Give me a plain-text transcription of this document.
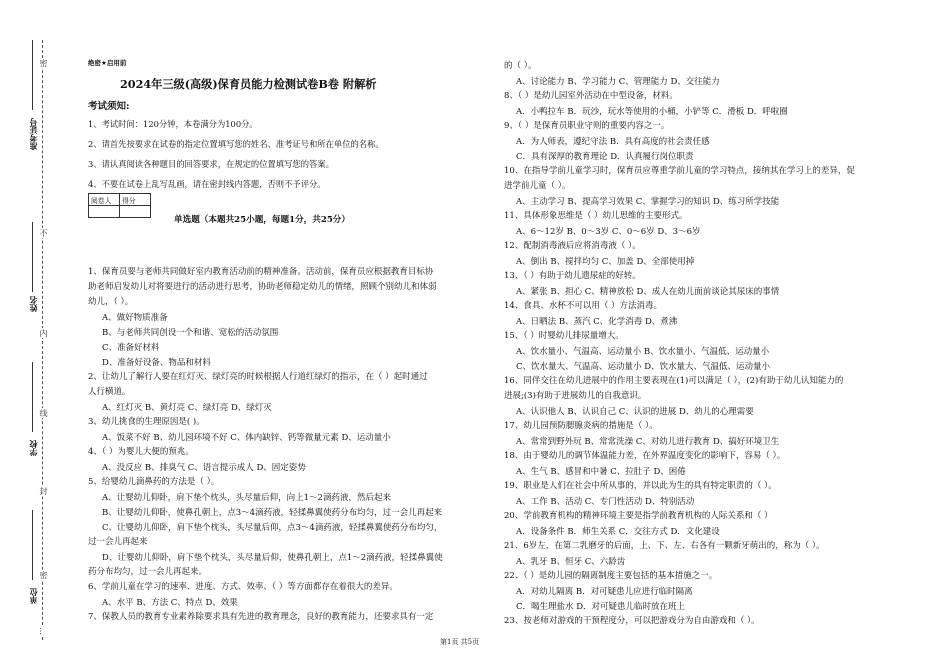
准考证号
姓名
学校
单位
密
不
内
线
封
密
…
绝密★启用前
2024年三级(高级)保育员能力检测试卷B卷 附解析
考试须知:
1、考试时间：120分钟，本卷满分为100分。
2、请首先按要求在试卷的指定位置填写您的姓名、准考证号和所在单位的名称。
3、请认真阅读各种题目的回答要求，在规定的位置填写您的答案。
4、不要在试卷上乱写乱画，请在密封线内答题，否则不予评分。
阅卷人	得分

单选题（本题共25小题，每题1分，共25分）
1、保育员要与老师共同做好室内教育活动前的精神准备。活动前，保育员应根据教育目标协
助老师启发幼儿对将要进行的活动进行思考，协助老师稳定幼儿的情绪，照顾个别幼儿和体弱
幼儿，（ ）。
A、做好物质准备
B、与老师共同创设一个和谐、宽松的活动氛围
C、准备好材料
D、准备好设备、物品和材料
2、让幼儿了解行人要在红灯灭、绿灯亮的时候根据人行道红绿灯的指示，在（ ）起时通过
人行横道。
A、红灯灭 B、黄灯亮 C、绿灯亮 D、绿灯灭
3、幼儿挑食的生理原因是( )。
A、饭菜不好 B、幼儿园环境不好 C、体内缺锌、钙等微量元素 D、运动量小
4、（ ）为婴儿大便的预兆。
A、没反应 B、排臭气 C、语言提示成人 D、固定姿势
5、给婴幼儿滴鼻药的方法是（ ）。
A、让婴幼儿仰卧，肩下垫个枕头，头尽量后仰，向上1～2滴药液，然后起来
B、让婴幼儿仰卧，使鼻孔朝上，点3～4滴药液，轻揉鼻翼使药分布均匀，过一会儿再起来
C、让婴幼儿仰卧，肩下垫个枕头，头尽量后仰，点3～4滴药液，轻揉鼻翼使药分布均匀，
过一会儿再起来
D、让婴幼儿仰卧，肩下垫个枕头，头尽量后仰，使鼻孔朝上，点1～2滴药液，轻揉鼻翼使
药分布均匀，过一会儿再起来。
6、学前儿童在学习的速率、进度、方式、效率、（ ）等方面都存在着很大的差异。
A、水平 B、方法 C、特点 D、效果
7、保教人员的教育专业素养除要求具有先进的教育理念，良好的教育能力，还要求具有一定
的（ ）。
A、讨论能力 B、学习能力 C、管理能力 D、交往能力
8、（ ）是幼儿园室外活动在中型设备，材料。
A．小鸭拉车 B．玩沙，玩水等使用的小桶，小铲等 C．滑板 D．呼啦圈
9、（ ）是保育员职业守则的重要内容之一。
A．为人师表，遵纪守法 B．具有高度的社会责任感
C．具有深厚的教育理论 D．认真履行岗位职责
10、在指导学前儿童学习时，保育员应尊重学前儿童的学习特点，接纳其在学习上的差异，促
进学前儿童（ ）。
A、主动学习 B、提高学习效果 C、掌握学习的知识 D、练习所学技能
11、具体形象思维是（ ）幼儿思维的主要形式。
A、6～12岁 B、0～3岁 C、0～6岁 D、3～6岁
12、配制消毒液后应将消毒液（ ）。
A、倒出 B、搅拌均匀 C、加盖 D、全部使用掉
13、（ ）有助于幼儿遗尿症的好转。
A、紧张 B、担心 C、精神放松 D、成人在幼儿面前谈论其尿床的事情
14、食具、水杯不可以用（ ）方法消毒。
A、日晒法 B、蒸汽 C、化学消毒 D、煮沸
15、（ ）时婴幼儿排尿量增大。
A、饮水量小、气温高、运动量小 B、饮水量小、气温低、运动量小
C、饮水量大、气温高、运动量小 D、饮水量大、气温低、运动量小
16、同伴交往在幼儿进展中的作用主要表现在(1)可以满足（ ），(2)有助于幼儿认知能力的
进展;(3)有助于进展幼儿的自我意识。
A、认识他人 B、认识自己 C、认识的进展 D、幼儿的心理需要
17、幼儿园预防腮腺炎病的措施是（ ）。
A、常常到野外玩 B、常常洗澡 C、对幼儿进行教育 D、搞好环境卫生
18、由于婴幼儿的调节体温能力差，在外界温度变化的影响下，容易（ ）。
A、生气 B、感冒和中暑 C、拉肚子 D、困倦
19、职业是人们在社会中所从事的，并以此为生的具有特定职责的（ ）。
A、工作 B、活动 C、专门性活动 D、特别活动
20、学前教育机构的精神环境主要是指学前教育机构的人际关系和（ ）
A．设备条件 B．师生关系 C．交往方式 D．文化建设
21、6岁左，在第二乳磨牙的后面，上、下、左、右各有一颗新牙萌出的，称为（ ）。
A、乳牙 B、恒牙 C、六龄齿
22、（ ）是幼儿园的隔离制度主要包括的基本措施之一。
A．对幼儿隔离 B．对可疑患儿应进行临时隔离
C．喝生理盐水 D．对可疑患儿临时放在班上
23、按老师对游戏的干预程度分，可以把游戏分为自由游戏和（ ）。
第1页 共5页
